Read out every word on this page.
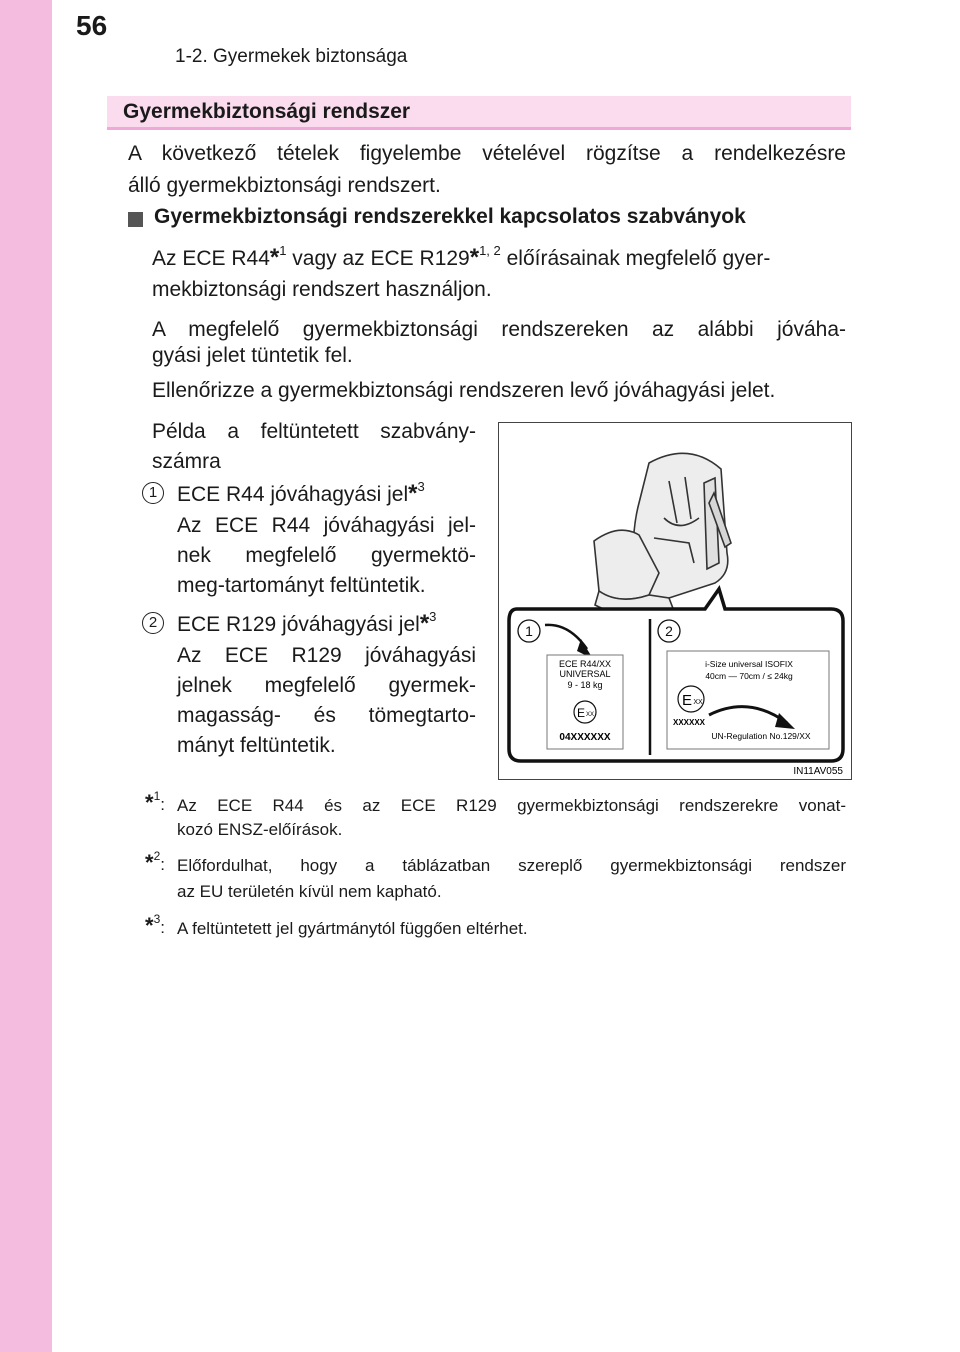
56
1-2. Gyermekek biztonsága
Gyermekbiztonsági rendszer
A következő tételek figyelembe vételével rögzítse a rendelkezésre
álló gyermekbiztonsági rendszert.
Gyermekbiztonsági rendszerekkel kapcsolatos szabványok
Az ECE R44*$^1$ vagy az ECE R129*$^{1, 2}$ előírásainak megfelelő gyer-
mekbiztonsági rendszert használjon.
A megfelelő gyermekbiztonsági rendszereken az alábbi jóváha-
gyási jelet tüntetik fel.
Ellenőrizze a gyermekbiztonsági rendszeren levő jóváhagyási jelet.
Példa a feltüntetett szabvány-
számra
1 ECE R44 jóváhagyási jel*$^3$
Az ECE R44 jóváhagyási jel-
nek megfelelő gyermektö-
meg-tartományt feltüntetik.
2 ECE R129 jóváhagyási jel*$^3$
Az ECE R129 jóváhagyási
jelnek megfelelő gyermek-
magasság- és tömegtarto-
mányt feltüntetik.
1	2
ECE R44/XX
UNIVERSAL
9 - 18 kg
E XX
04XXXXXX
i-Size universal ISOFIX
40cm — 70cm / ≤ 24kg
E XX
XXXXXX
UN-Regulation No.129/XX
IN11AV055
*$^1$: Az ECE R44 és az ECE R129 gyermekbiztonsági rendszerekre vonat-
kozó ENSZ-előírások.
*$^2$: Előfordulhat, hogy a táblázatban szereplő gyermekbiztonsági rendszer
az EU területén kívül nem kapható.
*$^3$: A feltüntetett jel gyártmánytól függően eltérhet.
